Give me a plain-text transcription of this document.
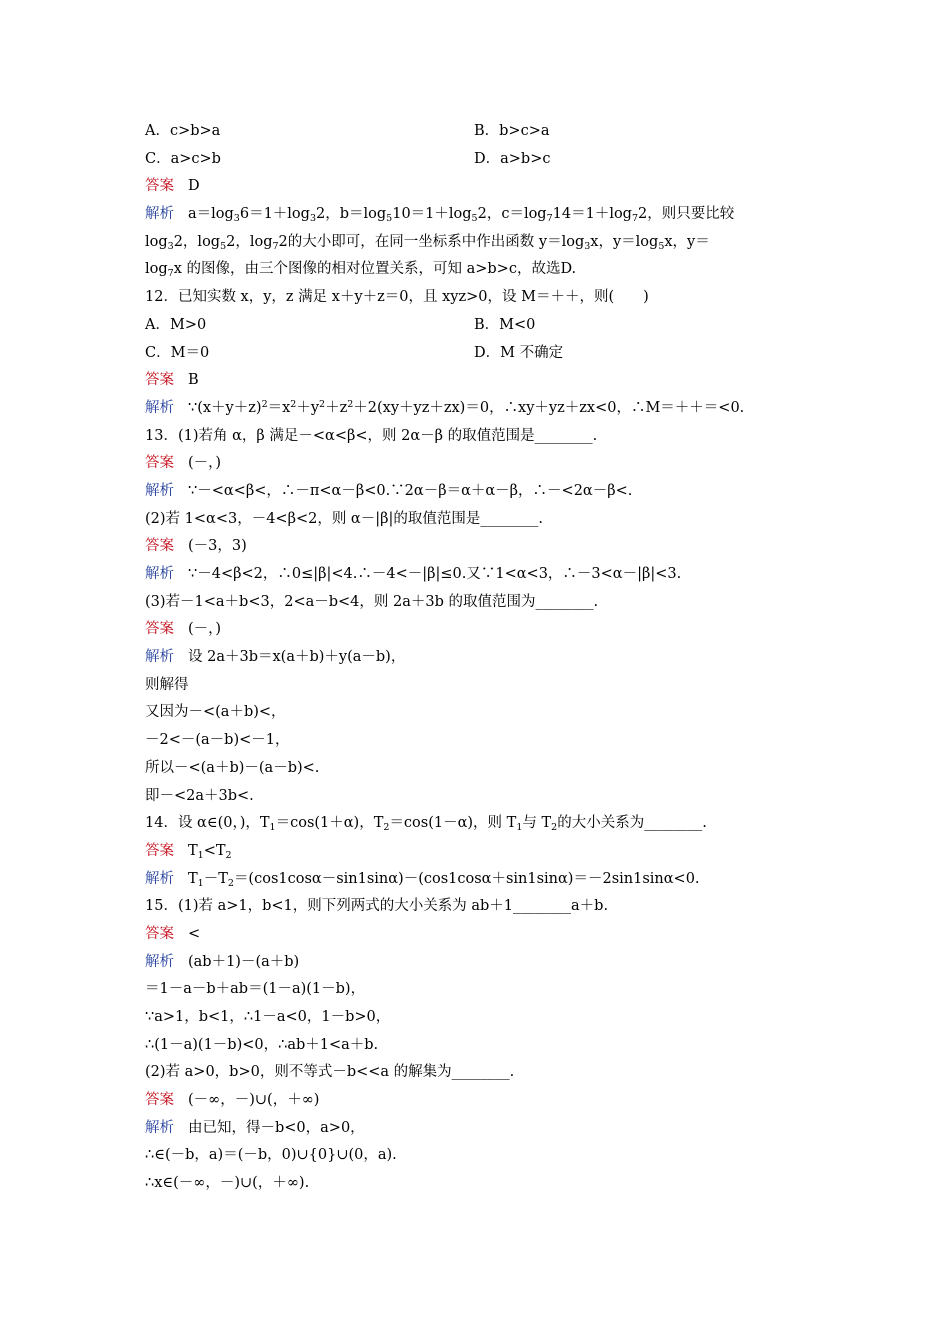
A．c>b>a	B．b>c>a
C．a>c>b	D．a>b>c
答案 D
解析 $a=\log_36=1+\log_32$，$b=\log_510=1+\log_52$，$c=\log_714=1+\log_72$，则只要比较
$\log_32$，$\log_52$，$\log_72$的大小即可，在同一坐标系中作出函数 $y=\log_3x$，$y=\log_5x$，y＝
$\log_7x$ 的图像，由三个图像的相对位置关系，可知 a>b>c，故选D.
12．已知实数 x，y，z 满足 x＋y＋z＝0，且 xyz>0，设 M＝＋＋，则(　　)
A．M>0	B．M<0
C．M＝0	D．M 不确定
答案 B
解析 $\because(x+y+z)^2=x^2+y^2+z^2+2(xy+yz+zx)=0$，∴xy＋yz＋zx<0，∴M＝＋＋＝<0.
13．(1)若角 α，β 满足－<α<β<，则 2α－β 的取值范围是________.
答案 (－，)
解析 ∵－<α<β<，∴－π<α－β<0.∵2α－β＝α＋α－β，∴－<2α－β<.
(2)若 1<α<3，－4<β<2，则 α－|β|的取值范围是________.
答案 (－3，3)
解析 ∵－4<β<2，∴0≤|β|<4.∴－4<－|β|≤0.又∵1<α<3，∴－3<α－|β|<3.
(3)若－1<a＋b<3，2<a－b<4，则 2a＋3b 的取值范围为________.
答案 (－，)
解析 设 2a＋3b＝x(a＋b)＋y(a－b)，
则解得
又因为－<(a＋b)<，
－2<－(a－b)<－1，
所以－<(a＋b)－(a－b)<.
即－<2a＋3b<.
14．设 α∈(0，)，$T_1=\cos(1+\alpha)$，$T_2=\cos(1-\alpha)$，则 $T_1$与 $T_2$的大小关系为________.
答案 $T_1<T_2$
解析 $T_1-T_2=(\cos 1\cos\alpha-\sin 1\sin\alpha)-(\cos 1\cos\alpha+\sin 1\sin\alpha)=-2\sin 1\sin\alpha<0$.
15．(1)若 a>1，b<1，则下列两式的大小关系为 ab＋1________a＋b.
答案 <
解析 (ab＋1)－(a＋b)
＝1－a－b＋ab＝(1－a)(1－b)，
∵a>1，b<1，∴1－a<0，1－b>0，
∴(1－a)(1－b)<0，∴ab＋1<a＋b.
(2)若 a>0，b>0，则不等式－b<<a 的解集为________.
答案 (－∞，－)∪(，＋∞)
解析 由已知，得－b<0，a>0，
∴∈(－b，a)＝(－b，0)∪{0}∪(0，a).
∴x∈(－∞，－)∪(，＋∞).
